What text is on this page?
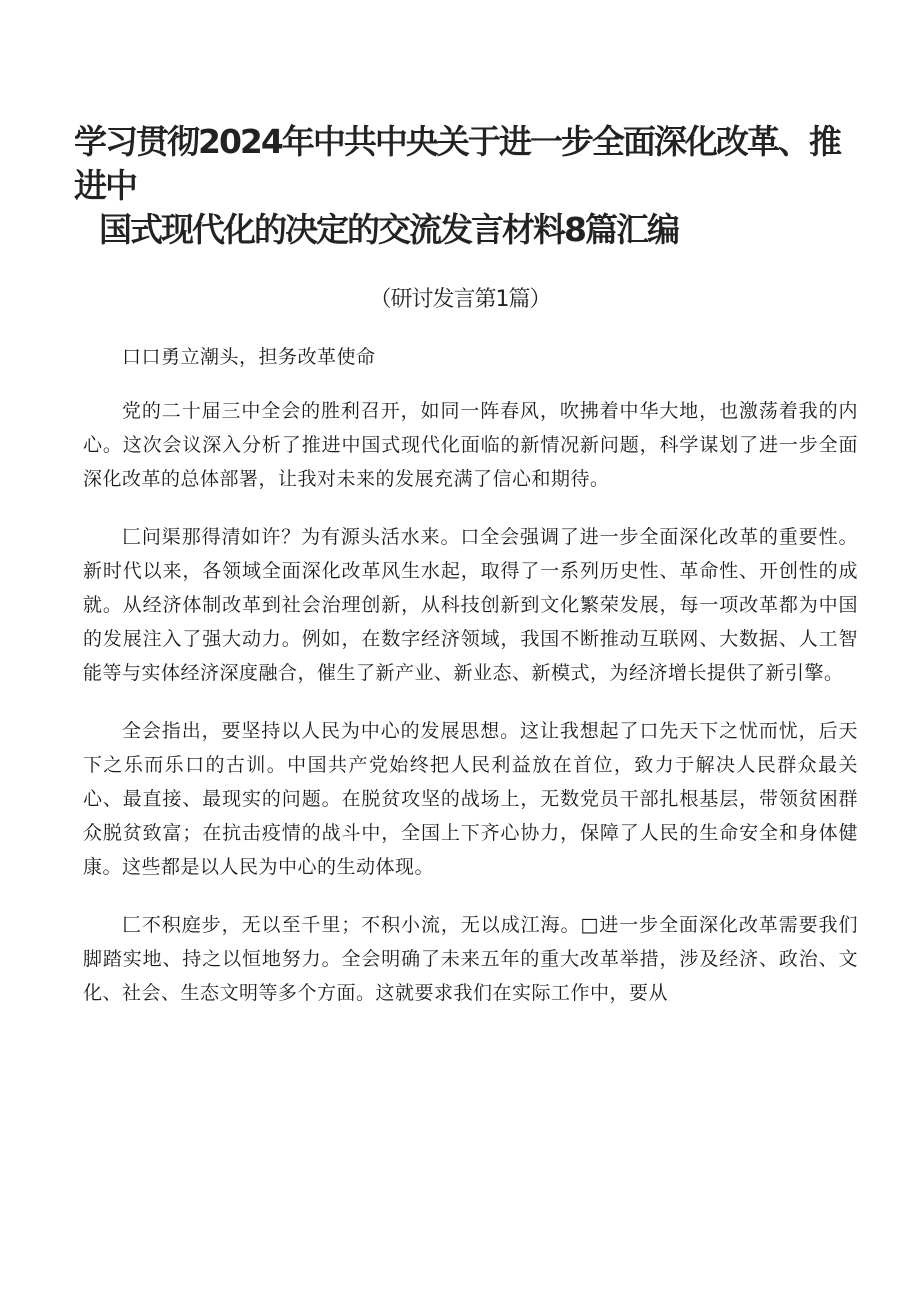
学习贯彻2024年中共中央关于进一步全面深化改革、推进中
国式现代化的决定的交流发言材料8篇汇编
（研讨发言第1篇）

口口勇立潮头，担务改革使命

党的二十届三中全会的胜利召开，如同一阵春风，吹拂着中华大地，也激荡着我的内心。这次会议深入分析了推进中国式现代化面临的新情况新问题，科学谋划了进一步全面深化改革的总体部署，让我对未来的发展充满了信心和期待。

匚问渠那得清如许？为有源头活水来。口全会强调了进一步全面深化改革的重要性。新时代以来，各领域全面深化改革风生水起，取得了一系列历史性、革命性、开创性的成就。从经济体制改革到社会治理创新，从科技创新到文化繁荣发展，每一项改革都为中国的发展注入了强大动力。例如，在数字经济领域，我国不断推动互联网、大数据、人工智能等与实体经济深度融合，催生了新产业、新业态、新模式，为经济增长提供了新引擎。

全会指出，要坚持以人民为中心的发展思想。这让我想起了口先天下之忧而忧，后天下之乐而乐口的古训。中国共产党始终把人民利益放在首位，致力于解决人民群众最关心、最直接、最现实的问题。在脱贫攻坚的战场上，无数党员干部扎根基层，带领贫困群众脱贫致富；在抗击疫情的战斗中，全国上下齐心协力，保障了人民的生命安全和身体健康。这些都是以人民为中心的生动体现。

匚不积庭步，无以至千里；不积小流，无以成江海。□进一步全面深化改革需要我们脚踏实地、持之以恒地努力。全会明确了未来五年的重大改革举措，涉及经济、政治、文化、社会、生态文明等多个方面。这就要求我们在实际工作中，要从
